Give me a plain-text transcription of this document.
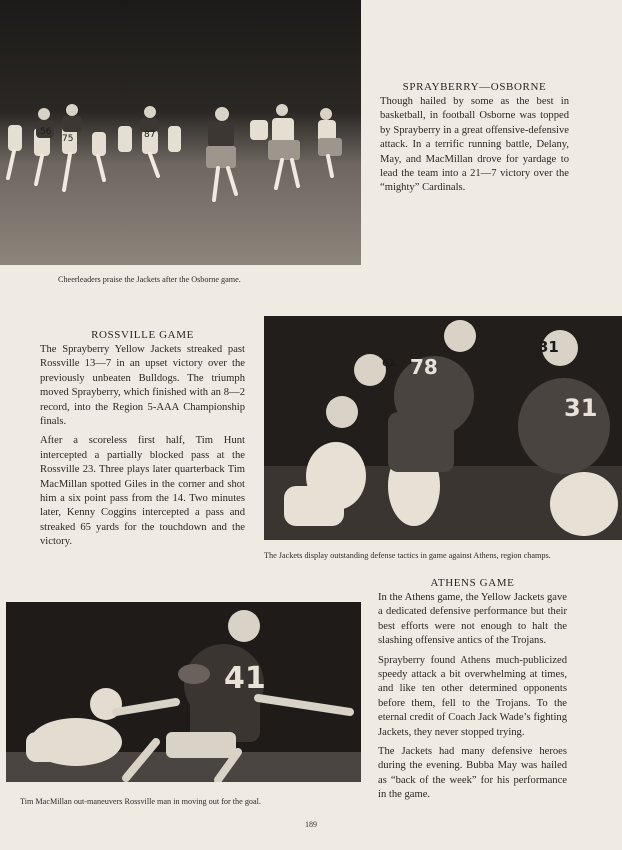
56
75	87
Cheerleaders praise the Jackets after the Osborne game.
SPRAYBERRY—OSBORNE

Though hailed by some as the best in basketball, in football Osborne was topped by Sprayberry in a great offensive-defensive attack. In a terrific running battle, Delany, May, and MacMillan drove for yardage to lead the team into a 21—7 victory over the “mighty” Cardinals.

ROSSVILLE GAME

The Sprayberry Yellow Jackets streaked past Rossville 13—7 in an upset victory over the previously unbeaten Bulldogs. The triumph moved Sprayberry, which finished with an 8—2 record, into the Region 5-AAA Championship finals.

After a scoreless first half, Tim Hunt intercepted a partially blocked pass at the Rossville 23. Three plays later quarterback Tim MacMillan spotted Giles in the corner and shot him a six point pass from the 14. Two minutes later, Kenny Coggins intercepted a pass and streaked 65 yards for the touchdown and the victory.

78
31
31
61
The Jackets display outstanding defense tactics in game against Athens, region champs.
ATHENS GAME

In the Athens game, the Yellow Jackets gave a dedicated defensive performance but their best efforts were not enough to halt the slashing offensive antics of the Trojans.

Sprayberry found Athens much-publicized speedy attack a bit overwhelming at times, and like ten other determined opponents before them, fell to the Trojans. To the eternal credit of Coach Jack Wade’s fighting Jackets, they never stopped trying.

The Jackets had many defensive heroes during the evening. Bubba May was hailed as “back of the week” for his performance in the game.

41
Tim MacMillan out-maneuvers Rossville man in moving out for the goal.
189
